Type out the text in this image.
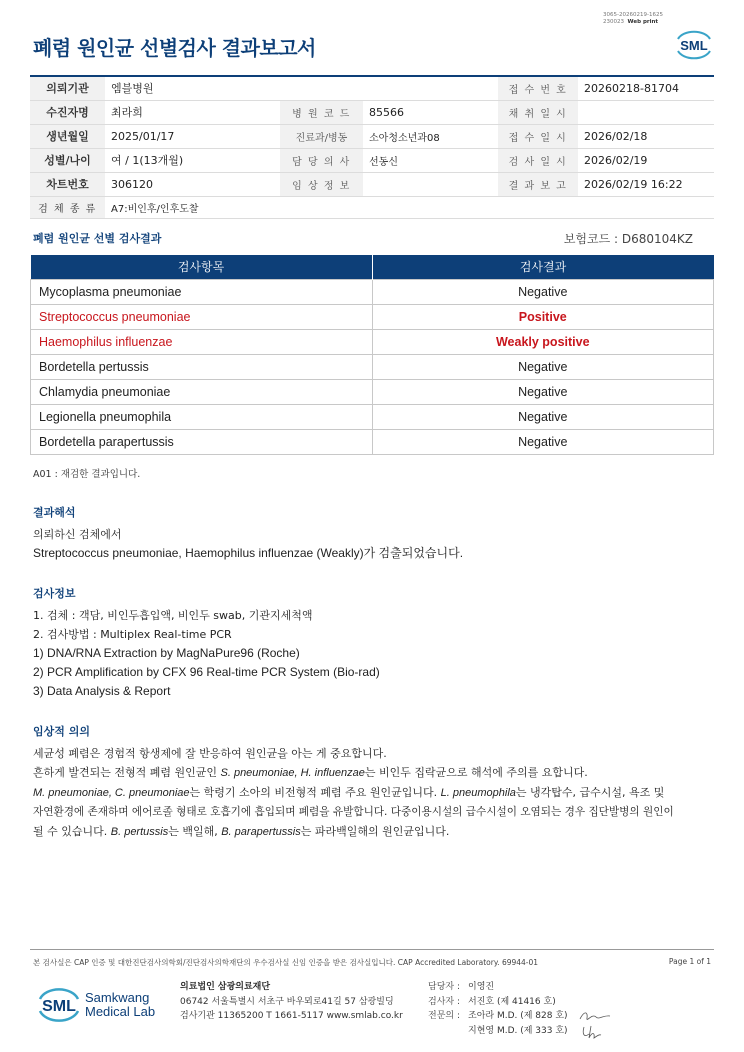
3065-20260219-1625
230023 Web print
폐렴 원인균 선별검사 결과보고서	SML
의뢰기관	엠블병원			접 수 번 호	20260218-81704
수진자명	최라희	병 원 코 드	85566	채 취 일 시	
생년월일	2025/01/17	진료과/병동	소아청소년과08	접 수 일 시	2026/02/18
성별/나이	여 / 1(13개월)	담 당 의 사	선동신	검 사 일 시	2026/02/19
차트번호	306120	임 상 정 보		결 과 보 고	2026/02/19 16:22
검 체 종 류	A7:비인후/인후도찰				
폐렴 원인균 선별 검사결과	보험코드 : D680104KZ
검사항목	검사결과
Mycoplasma pneumoniae	Negative
Streptococcus pneumoniae	Positive
Haemophilus influenzae	Weakly positive
Bordetella pertussis	Negative
Chlamydia pneumoniae	Negative
Legionella pneumophila	Negative
Bordetella parapertussis	Negative
A01 : 재검한 결과입니다.
결과해석

의뢰하신 검체에서

Streptococcus pneumoniae, Haemophilus influenzae (Weakly)가 검출되었습니다.

검사정보

1. 검체 : 객담, 비인두흡입액, 비인두 swab, 기관지세척액

2. 검사방법 : Multiplex Real-time PCR

1) DNA/RNA Extraction by MagNaPure96 (Roche)

2) PCR Amplification by CFX 96 Real-time PCR System (Bio-rad)

3) Data Analysis & Report

임상적 의의

세균성 폐렴은 경험적 항생제에 잘 반응하여 원인균을 아는 게 중요합니다.

흔하게 발견되는 전형적 폐렴 원인균인 S. pneumoniae, H. influenzae는 비인두 집락균으로 해석에 주의를 요합니다.

M. pneumoniae, C. pneumoniae는 학령기 소아의 비전형적 폐렴 주요 원인균입니다. L. pneumophila는 냉각탑수, 급수시설, 욕조 및

자연환경에 존재하며 에어로졸 형태로 호흡기에 흡입되며 폐렴을 유발합니다. 다중이용시설의 급수시설이 오염되는 경우 집단발병의 원인이

될 수 있습니다. B. pertussis는 백일해, B. parapertussis는 파라백일해의 원인균입니다.

본 검사실은 CAP 인증 및 대한진단검사의학회/진단검사의학재단의 우수검사실 신임 인증을 받은 검사실입니다. CAP Accredited Laboratory. 69944-01	Page 1 of 1
SML
Samkwang
Medical Lab
의료법인 삼광의료재단
06742 서울특별시 서초구 바우뫼로41길 57 삼광빌딩
검사기관 11365200 T 1661-5117 www.smlab.co.kr
담당자 : 이영진
검사자 : 서진호 (제 41416 호)
전문의 : 조아라 M.D. (제 828 호)
지현영 M.D. (제 333 호)
